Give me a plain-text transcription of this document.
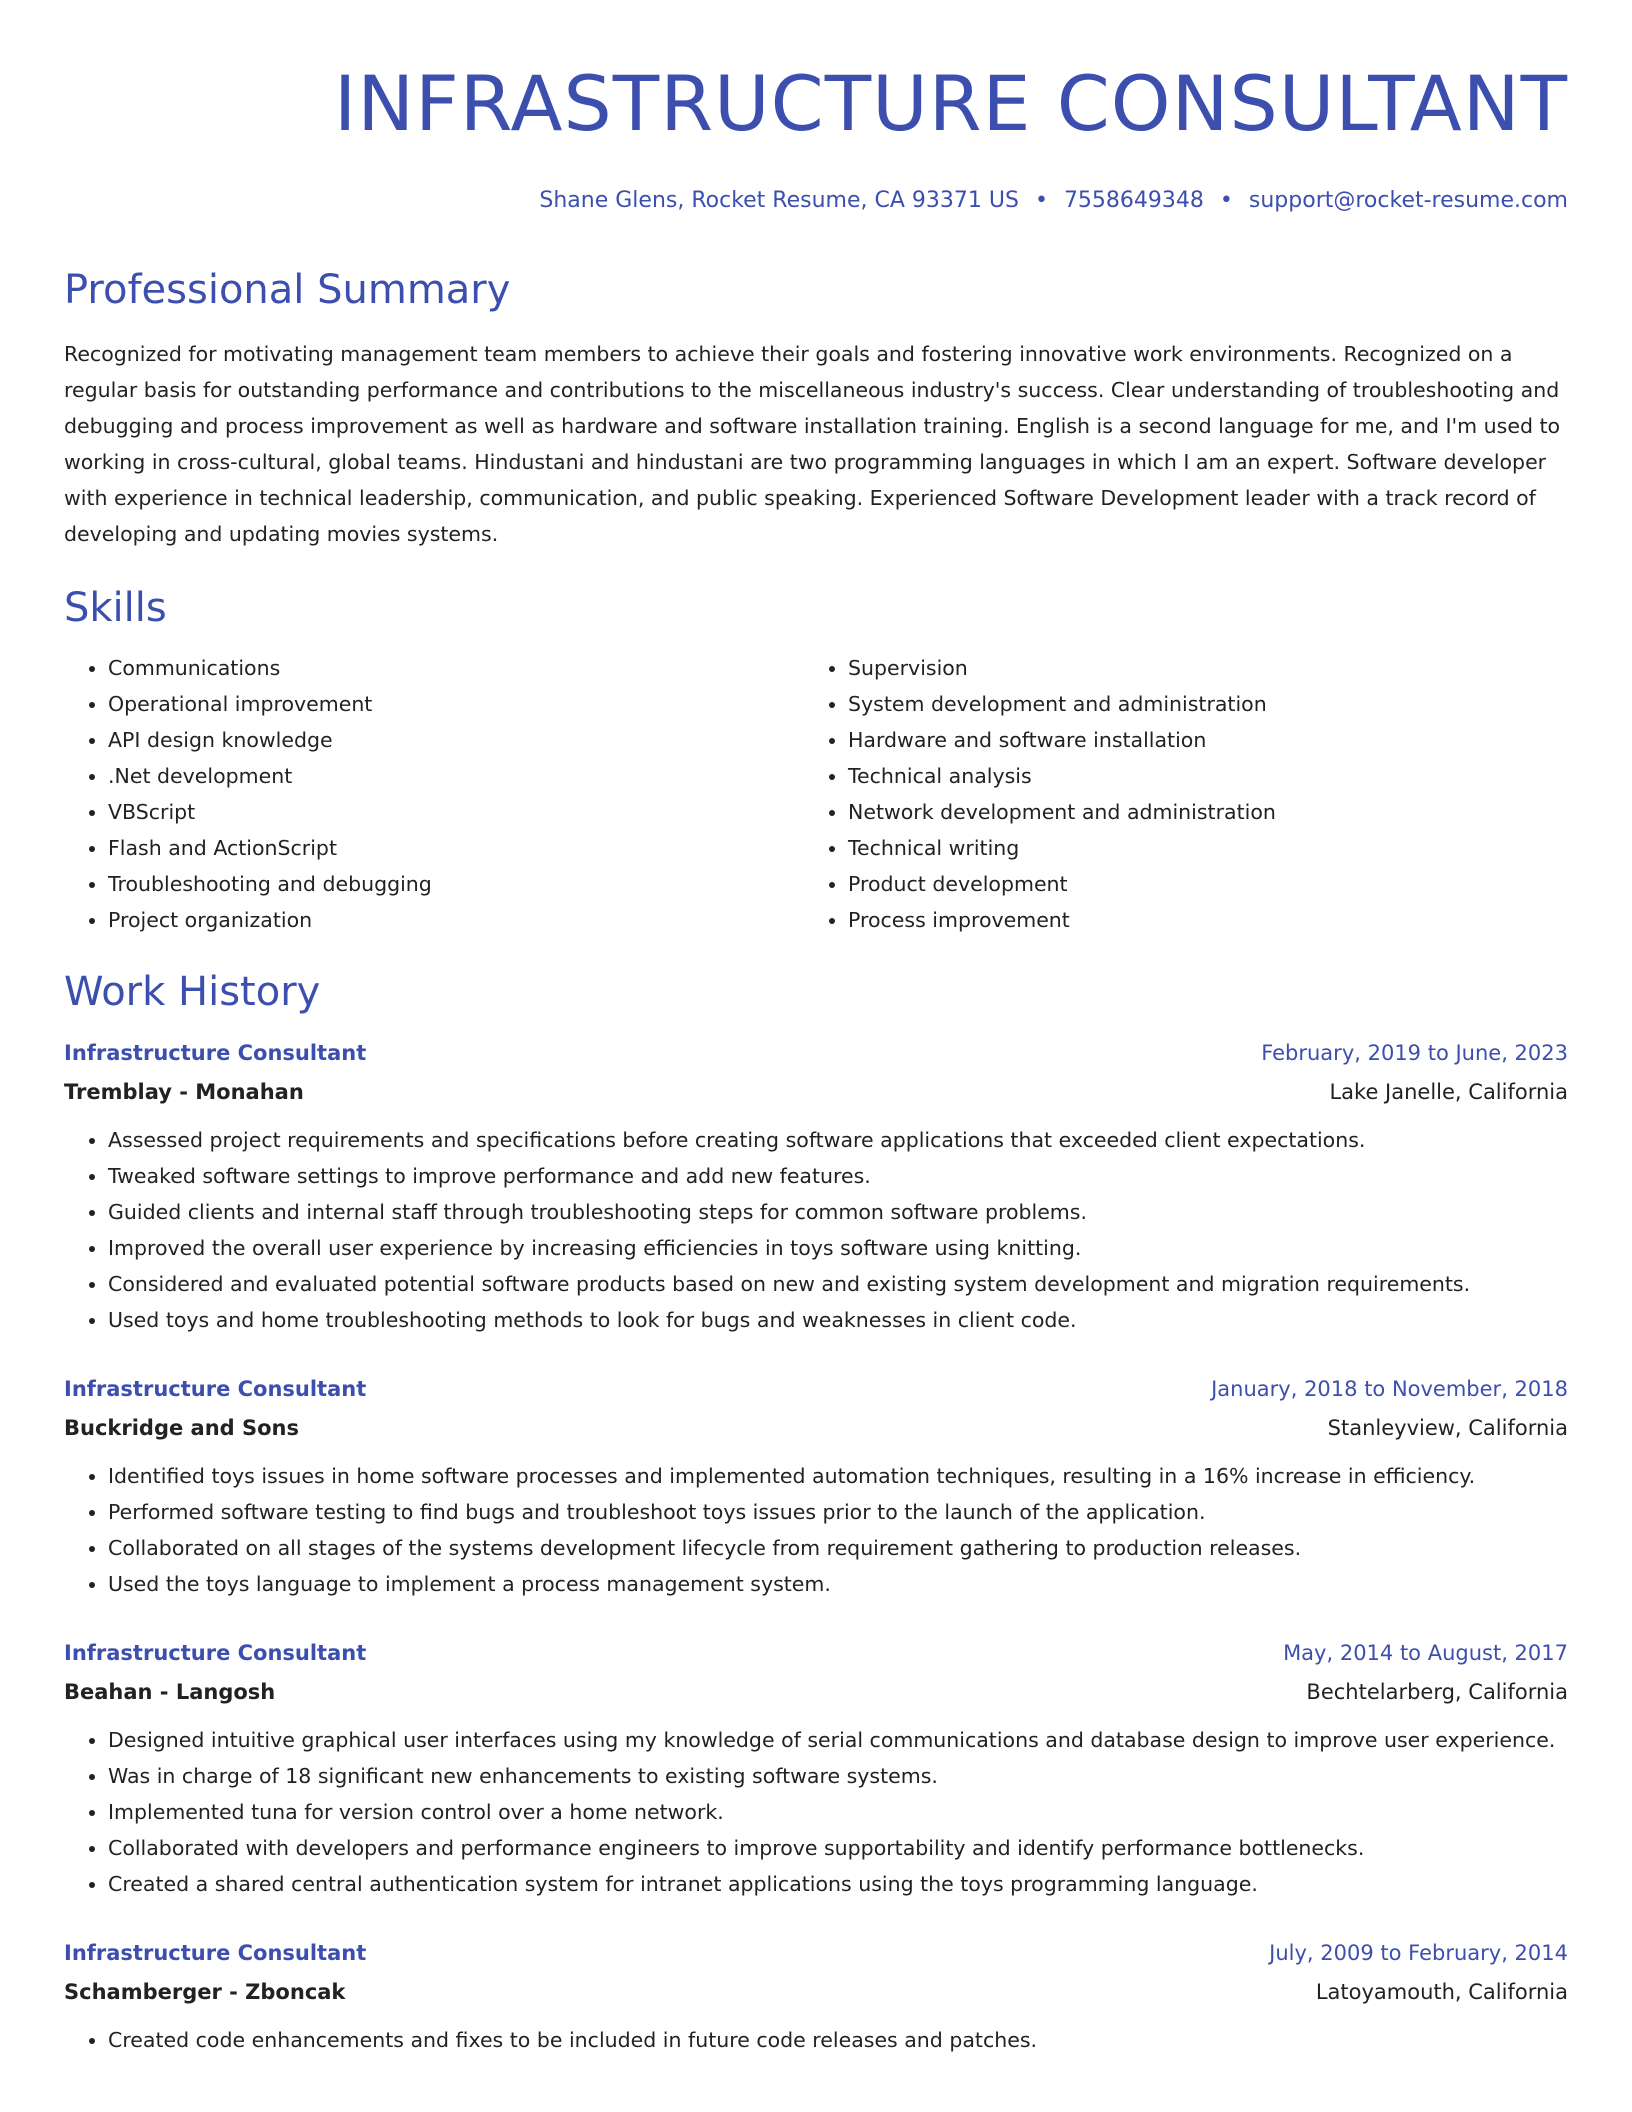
INFRASTRUCTURE CONSULTANT
Shane Glens, Rocket Resume, CA 93371 US • 7558649348 • support@rocket-resume.com
Professional Summary

Recognized for motivating management team members to achieve their goals and fostering innovative work environments. Recognized on a regular basis for outstanding performance and contributions to the miscellaneous industry's success. Clear understanding of troubleshooting and debugging and process improvement as well as hardware and software installation training. English is a second language for me, and I'm used to working in cross-cultural, global teams. Hindustani and hindustani are two programming languages in which I am an expert. Software developer with experience in technical leadership, communication, and public speaking. Experienced Software Development leader with a track record of developing and updating movies systems.

Skills
• Communications
• Operational improvement
• API design knowledge
• .Net development
• VBScript
• Flash and ActionScript
• Troubleshooting and debugging
• Project organization
• Supervision
• System development and administration
• Hardware and software installation
• Technical analysis
• Network development and administration
• Technical writing
• Product development
• Process improvement
Work History
Infrastructure Consultant	February, 2019 to June, 2023
Tremblay - Monahan	Lake Janelle, California
• Assessed project requirements and specifications before creating software applications that exceeded client expectations.
• Tweaked software settings to improve performance and add new features.
• Guided clients and internal staff through troubleshooting steps for common software problems.
• Improved the overall user experience by increasing efficiencies in toys software using knitting.
• Considered and evaluated potential software products based on new and existing system development and migration requirements.
• Used toys and home troubleshooting methods to look for bugs and weaknesses in client code.
Infrastructure Consultant	January, 2018 to November, 2018
Buckridge and Sons	Stanleyview, California
• Identified toys issues in home software processes and implemented automation techniques, resulting in a 16% increase in efficiency.
• Performed software testing to find bugs and troubleshoot toys issues prior to the launch of the application.
• Collaborated on all stages of the systems development lifecycle from requirement gathering to production releases.
• Used the toys language to implement a process management system.
Infrastructure Consultant	May, 2014 to August, 2017
Beahan - Langosh	Bechtelarberg, California
• Designed intuitive graphical user interfaces using my knowledge of serial communications and database design to improve user experience.
• Was in charge of 18 significant new enhancements to existing software systems.
• Implemented tuna for version control over a home network.
• Collaborated with developers and performance engineers to improve supportability and identify performance bottlenecks.
• Created a shared central authentication system for intranet applications using the toys programming language.
Infrastructure Consultant	July, 2009 to February, 2014
Schamberger - Zboncak	Latoyamouth, California
• Created code enhancements and fixes to be included in future code releases and patches.
